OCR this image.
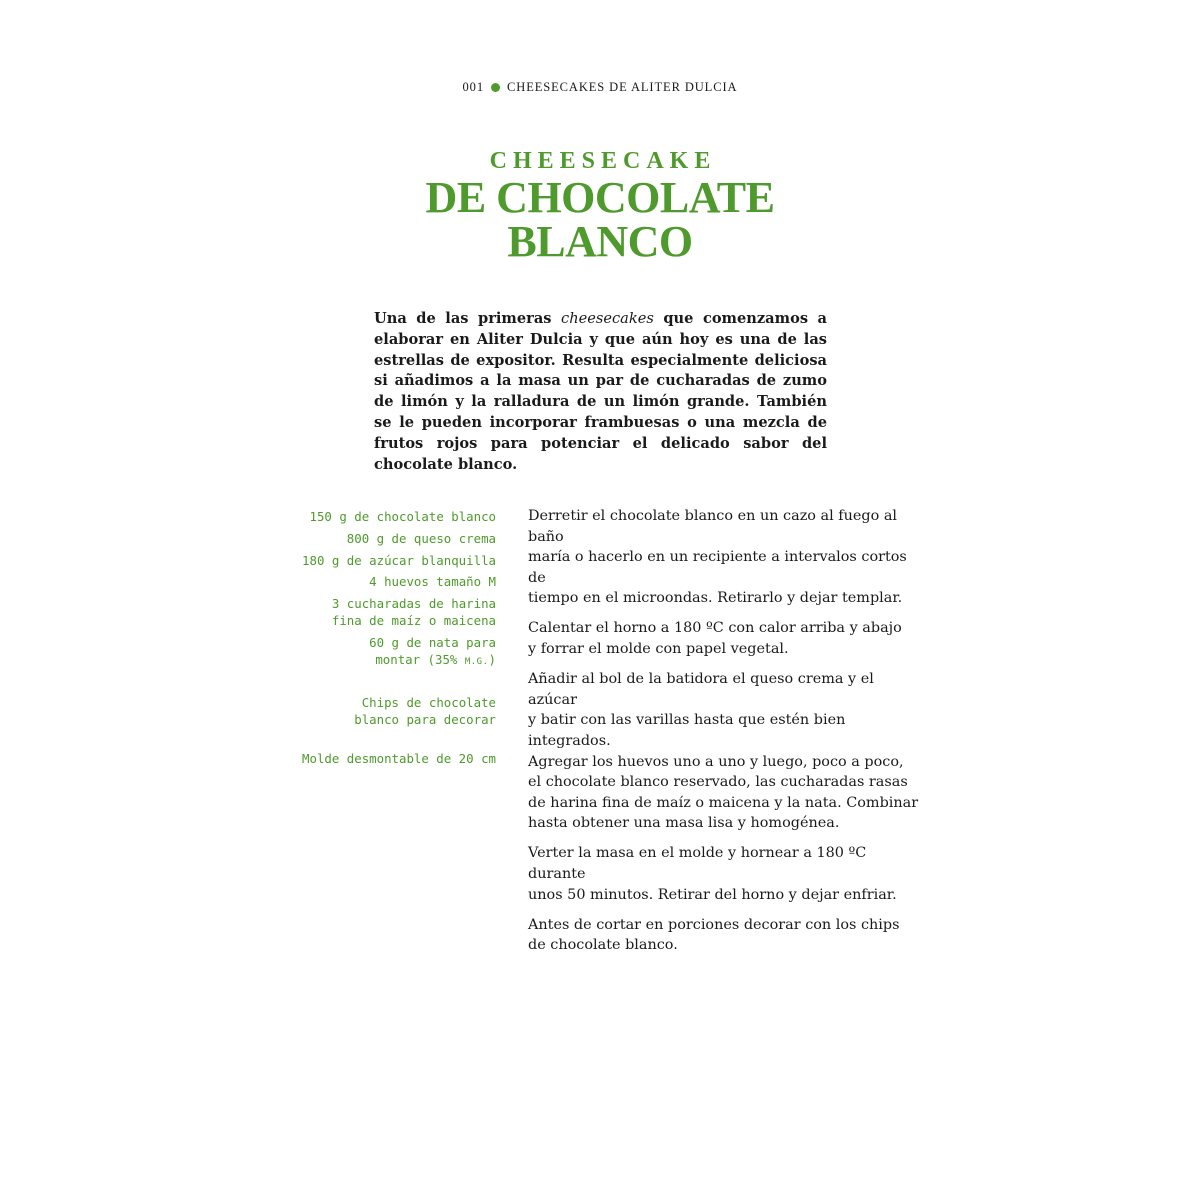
001 CHEESECAKES DE ALITER DULCIA
CHEESECAKE
DE CHOCOLATE
BLANCO

Una de las primeras cheesecakes que comenzamos a elaborar en Aliter Dulcia y que aún hoy es una de las estrellas de expositor. Resulta especialmente deliciosa si añadimos a la masa un par de cucharadas de zumo de limón y la ralladura de un limón grande. También se le pueden incorporar frambuesas o una mezcla de frutos rojos para potenciar el delicado sabor del chocolate blanco.

150 g de chocolate blanco
800 g de queso crema
180 g de azúcar blanquilla
4 huevos tamaño M
3 cucharadas de harina
fina de maíz o maicena
60 g de nata para
montar (35% M.G.)
Chips de chocolate
blanco para decorar
Molde desmontable de 20 cm

Derretir el chocolate blanco en un cazo al fuego al baño
maría o hacerlo en un recipiente a intervalos cortos de
tiempo en el microondas. Retirarlo y dejar templar.

Calentar el horno a 180 ºC con calor arriba y abajo
y forrar el molde con papel vegetal.

Añadir al bol de la batidora el queso crema y el azúcar
y batir con las varillas hasta que estén bien integrados.
Agregar los huevos uno a uno y luego, poco a poco,
el chocolate blanco reservado, las cucharadas rasas
de harina fina de maíz o maicena y la nata. Combinar
hasta obtener una masa lisa y homogénea.

Verter la masa en el molde y hornear a 180 ºC durante
unos 50 minutos. Retirar del horno y dejar enfriar.

Antes de cortar en porciones decorar con los chips
de chocolate blanco.
